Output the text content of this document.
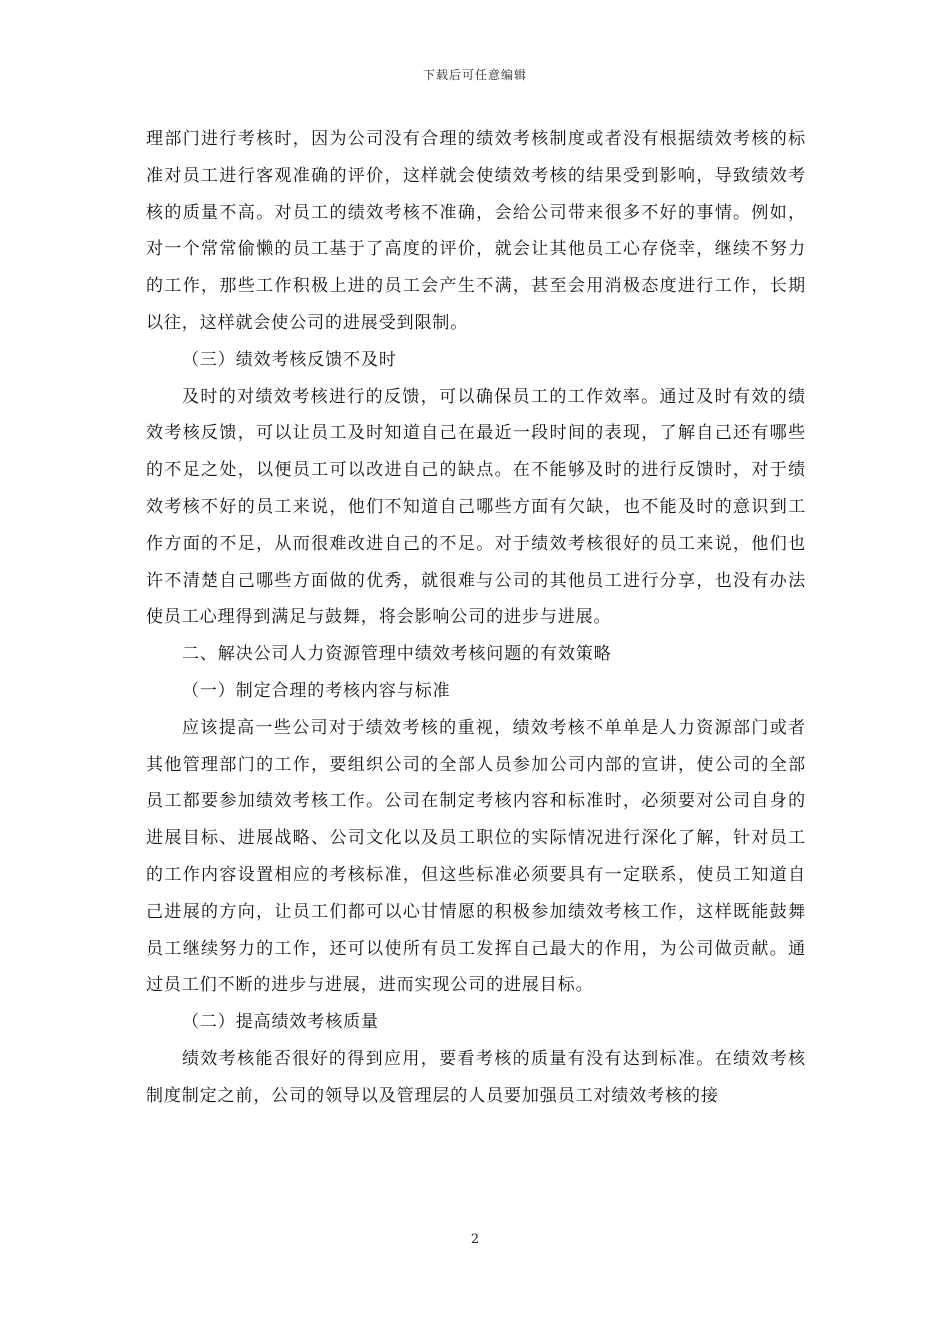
下载后可任意编辑

理部门进行考核时，因为公司没有合理的绩效考核制度或者没有根据绩效考核的标准对员工进行客观准确的评价，这样就会使绩效考核的结果受到影响，导致绩效考核的质量不高。对员工的绩效考核不准确，会给公司带来很多不好的事情。例如，对一个常常偷懒的员工基于了高度的评价，就会让其他员工心存侥幸，继续不努力的工作，那些工作积极上进的员工会产生不满，甚至会用消极态度进行工作，长期以往，这样就会使公司的进展受到限制。

（三）绩效考核反馈不及时

及时的对绩效考核进行的反馈，可以确保员工的工作效率。通过及时有效的绩效考核反馈，可以让员工及时知道自己在最近一段时间的表现，了解自己还有哪些的不足之处，以便员工可以改进自己的缺点。在不能够及时的进行反馈时，对于绩效考核不好的员工来说，他们不知道自己哪些方面有欠缺，也不能及时的意识到工作方面的不足，从而很难改进自己的不足。对于绩效考核很好的员工来说，他们也许不清楚自己哪些方面做的优秀，就很难与公司的其他员工进行分享，也没有办法使员工心理得到满足与鼓舞，将会影响公司的进步与进展。

二、解决公司人力资源管理中绩效考核问题的有效策略

（一）制定合理的考核内容与标准

应该提高一些公司对于绩效考核的重视，绩效考核不单单是人力资源部门或者其他管理部门的工作，要组织公司的全部人员参加公司内部的宣讲，使公司的全部员工都要参加绩效考核工作。公司在制定考核内容和标准时，必须要对公司自身的进展目标、进展战略、公司文化以及员工职位的实际情况进行深化了解，针对员工的工作内容设置相应的考核标准，但这些标准必须要具有一定联系，使员工知道自己进展的方向，让员工们都可以心甘情愿的积极参加绩效考核工作，这样既能鼓舞员工继续努力的工作，还可以使所有员工发挥自己最大的作用，为公司做贡献。通过员工们不断的进步与进展，进而实现公司的进展目标。

（二）提高绩效考核质量

绩效考核能否很好的得到应用，要看考核的质量有没有达到标准。在绩效考核制度制定之前，公司的领导以及管理层的人员要加强员工对绩效考核的接

2
